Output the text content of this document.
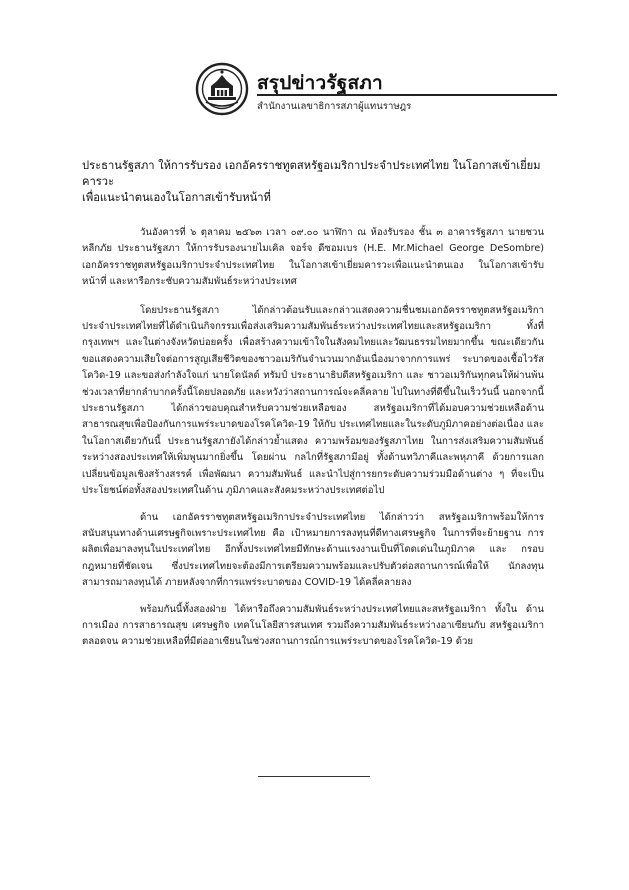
สรุปข่าวรัฐสภา
สำนักงานเลขาธิการสภาผู้แทนราษฎร

ประธานรัฐสภา ให้การรับรอง เอกอัครราชทูตสหรัฐอเมริกาประจำประเทศไทย ในโอกาสเข้าเยี่ยมคารวะ

เพื่อแนะนำตนเองในโอกาสเข้ารับหน้าที่

วันอังคารที่ ๖ ตุลาคม ๒๕๖๓ เวลา ๐๙.๐๐ นาฬิกา ณ ห้องรับรอง ชั้น ๓ อาคารรัฐสภา นายชวน หลีกภัย ประธานรัฐสภา ให้การรับรองนายไมเคิล จอร์จ ดีซอมเบร (H.E. Mr.Michael George DeSombre) เอกอัครราชทูตสหรัฐอเมริกาประจำประเทศไทย ในโอกาสเข้าเยี่ยมคารวะเพื่อแนะนำตนเอง ในโอกาสเข้ารับหน้าที่ และหารือกระชับความสัมพันธ์ระหว่างประเทศ

โดยประธานรัฐสภา ได้กล่าวต้อนรับและกล่าวแสดงความชื่นชมเอกอัครราชทูตสหรัฐอเมริกา ประจำประเทศไทยที่ได้ดำเนินกิจกรรมเพื่อส่งเสริมความสัมพันธ์ระหว่างประเทศไทยและสหรัฐอเมริกา ทั้งที่กรุงเทพฯ และในต่างจังหวัดบ่อยครั้ง เพื่อสร้างความเข้าใจในสังคมไทยและวัฒนธรรมไทยมากขึ้น ขณะเดียวกัน ขอแสดงความเสียใจต่อการสูญเสียชีวิตของชาวอเมริกันจำนวนมากอันเนื่องมาจากการแพร่ ระบาดของเชื้อไวรัสโควิด-19 และขอส่งกำลังใจแก่ นายโดนัลด์ ทรัมป์ ประธานาธิบดีสหรัฐอเมริกา และ ชาวอเมริกันทุกคนให้ผ่านพ้นช่วงเวลาที่ยากลำบากครั้งนี้โดยปลอดภัย และหวังว่าสถานการณ์จะคลี่คลาย ไปในทางที่ดีขึ้นในเร็ววันนี้ นอกจากนี้ ประธานรัฐสภา ได้กล่าวขอบคุณสำหรับความช่วยเหลือของ สหรัฐอเมริกาที่ได้มอบความช่วยเหลือด้านสาธารณสุขเพื่อป้องกันการแพร่ระบาดของโรคโควิด-19 ให้กับ ประเทศไทยและในระดับภูมิภาคอย่างต่อเนื่อง และในโอกาสเดียวกันนี้ ประธานรัฐสภายังได้กล่าวย้ำแสดง ความพร้อมของรัฐสภาไทย ในการส่งเสริมความสัมพันธ์ระหว่างสองประเทศให้เพิ่มพูนมากยิ่งขึ้น โดยผ่าน กลไกที่รัฐสภามีอยู่ ทั้งด้านทวิภาคีและพหุภาคี ด้วยการแลกเปลี่ยนข้อมูลเชิงสร้างสรรค์ เพื่อพัฒนา ความสัมพันธ์ และนำไปสู่การยกระดับความร่วมมือด้านต่าง ๆ ที่จะเป็นประโยชน์ต่อทั้งสองประเทศในด้าน ภูมิภาคและสังคมระหว่างประเทศต่อไป

ด้าน เอกอัครราชทูตสหรัฐอเมริกาประจำประเทศไทย ได้กล่าวว่า สหรัฐอเมริกาพร้อมให้การ สนับสนุนทางด้านเศรษฐกิจเพราะประเทศไทย คือ เป้าหมายการลงทุนที่ดีทางเศรษฐกิจ ในการที่จะย้ายฐาน การผลิตเพื่อมาลงทุนในประเทศไทย อีกทั้งประเทศไทยมีทักษะด้านแรงงานเป็นที่โดดเด่นในภูมิภาค และ กรอบกฎหมายที่ชัดเจน ซึ่งประเทศไทยจะต้องมีการเตรียมความพร้อมและปรับตัวต่อสถานการณ์เพื่อให้ นักลงทุนสามารถมาลงทุนได้ ภายหลังจากที่การแพร่ระบาดของ COVID-19 ได้คลี่คลายลง

พร้อมกันนี้ทั้งสองฝ่าย ได้หารือถึงความสัมพันธ์ระหว่างประเทศไทยและสหรัฐอเมริกา ทั้งใน ด้านการเมือง การสาธารณสุข เศรษฐกิจ เทคโนโลยีสารสนเทศ รวมถึงความสัมพันธ์ระหว่างอาเซียนกับ สหรัฐอเมริกา ตลอดจน ความช่วยเหลือที่มีต่ออาเซียนในช่วงสถานการณ์การแพร่ระบาดของโรคโควิด-19 ด้วย
